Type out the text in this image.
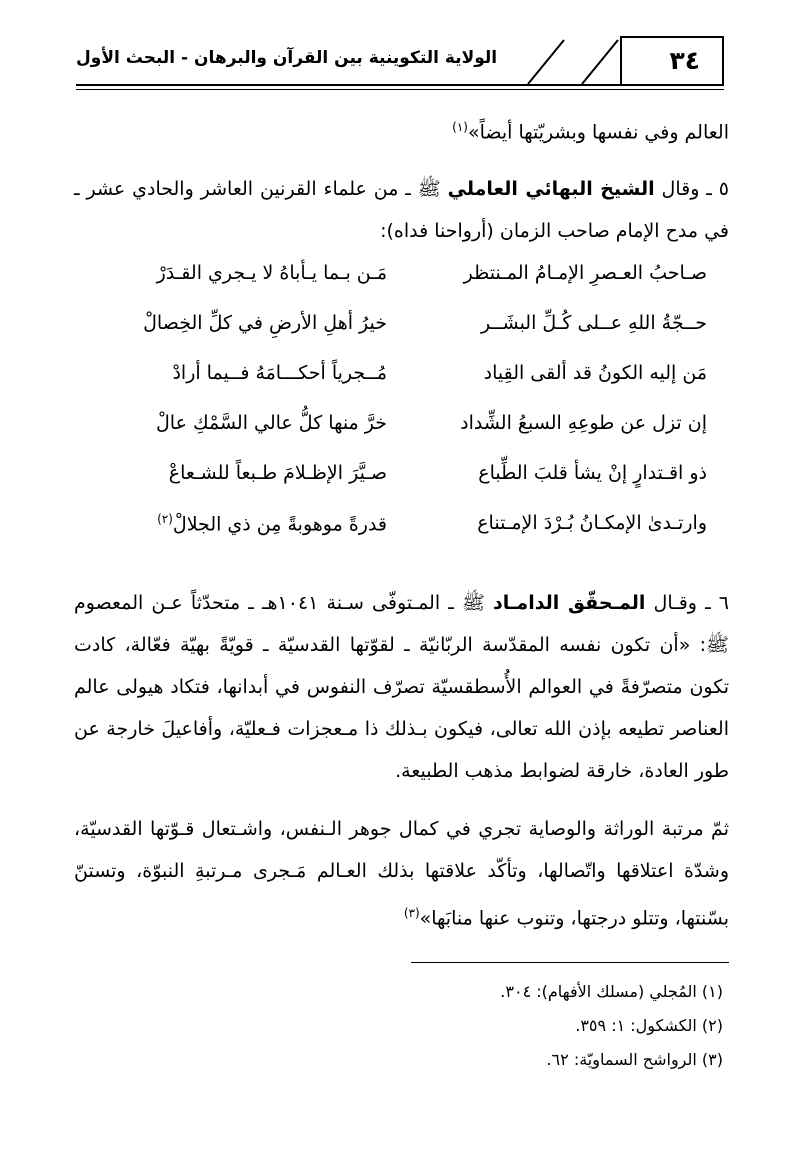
٣٤
الولاية التكوينية بين القرآن والبرهان - البحث الأول
العالم وفي نفسها وبشريّتها أيضاً»$^{(١)}$
٥ ـ وقال الشيخ البهائي العاملي ﷺ ـ من علماء القرنين العاشر والحادي عشر ـ في مدح الإمام صاحب الزمان (أرواحنا فداه):
صـاحبُ العـصرِ الإمـامُ المـنتظر
مَـن بـما يـأباهُ لا يـجري القـدَرْ
حــجّةُ اللهِ عــلى كُـلِّ البشَــر
خيرُ أهلِ الأرضِ في كلِّ الخِصالْ
مَن إليه الكونُ قد ألقى القِياد
مُــجرياً أحكـــامَهُ فــيما أرادْ
إن تزل عن طوعِهِ السبعُ الشِّداد
خرَّ منها كلُّ عالي السَّمْكِ عالْ
ذو اقـتدارٍ إنْ يشأ قلبَ الطِّباع
صـيَّرَ الإظـلامَ طـبعاً للشـعاعْ
وارتـدىٰ الإمكـانُ بُـرْدَ الإمـتناع
قدرةً موهوبةً مِن ذي الجلالْ$^{(٢)}$
٦ ـ وقـال المـحقّق الدامـاد ﷺ ـ المـتوفّى سـنة ١٠٤١هـ ـ متحدّثاً عـن المعصوم ﷺ: «أن تكون نفسه المقدّسة الربّانيّة ـ لقوّتها القدسيّة ـ قويّةً بهيّة فعّالة، كادت تكون متصرّفةً في العوالم الأُسطقسيّة تصرّف النفوس في أبدانها، فتكاد هيولى عالم العناصر تطيعه بإذن الله تعالى، فيكون بـذلك ذا مـعجزات فـعليّة، وأفاعيلَ خارجة عن طور العادة، خارقة لضوابط مذهب الطبيعة.
ثمّ مرتبة الوراثة والوصاية تجري في كمال جوهر الـنفس، واشـتعال قـوّتها القدسيّة، وشدّة اعتلاقها واتّصالها، وتأكّد علاقتها بذلك العـالم مَـجرى مـرتبةِ النبوّة، وتستنّ بسّنتها، وتتلو درجتها، وتنوب عنها منابَها»$^{(٣)}$
(١) المُجلي (مسلك الأفهام): ٣٠٤.
(٢) الكشكول: ١: ٣٥٩.
(٣) الرواشح السماويّة: ٦٢.
